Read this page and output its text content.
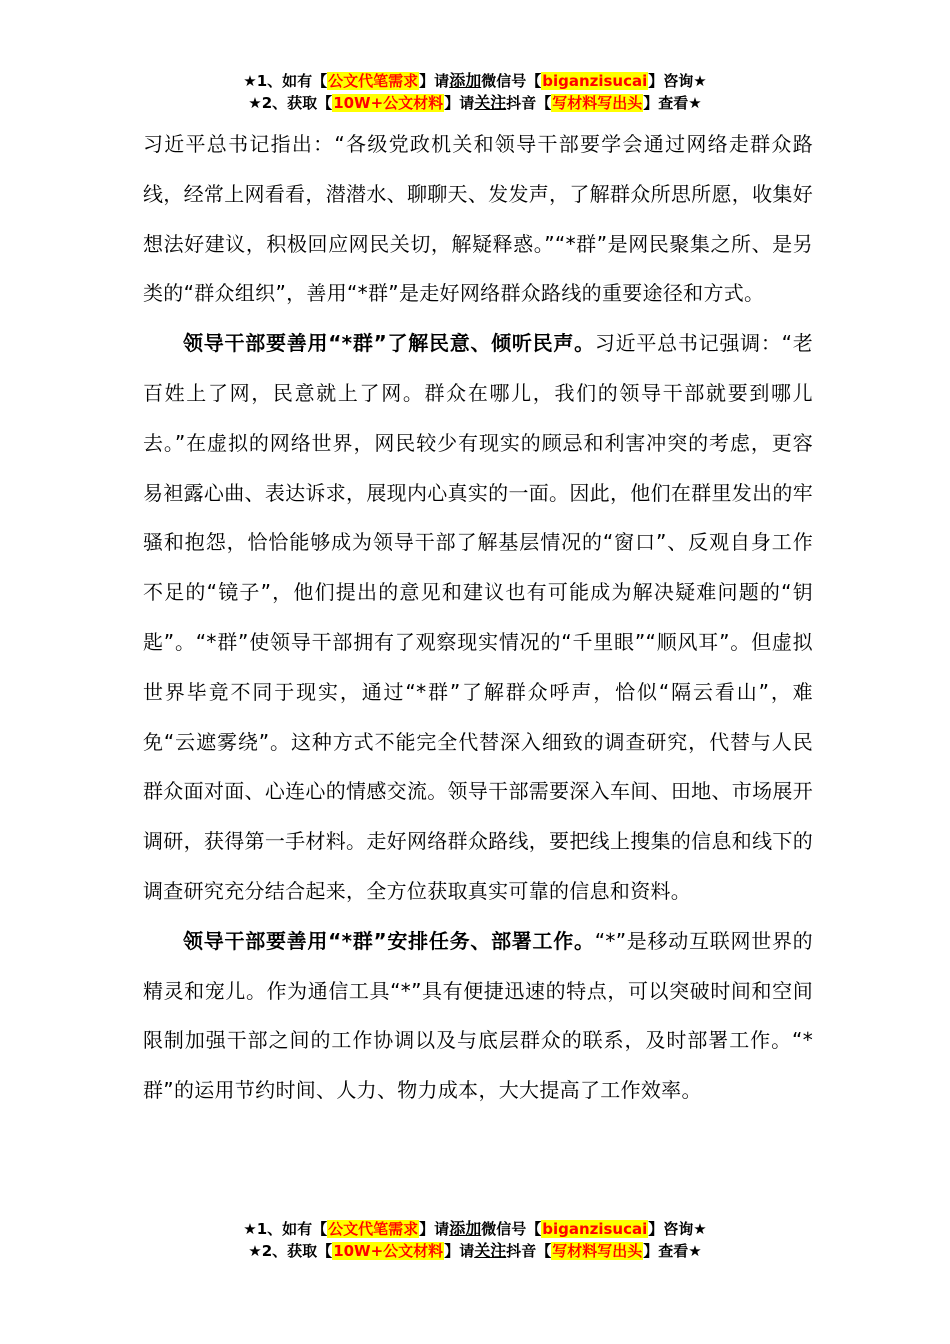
★1、如有【公文代笔需求】请添加微信号【biganzisucai】咨询★
★2、获取【10W+公文材料】请关注抖音【写材料写出头】查看★

习近平总书记指出：“各级党政机关和领导干部要学会通过网络走群众路线，经常上网看看，潜潜水、聊聊天、发发声，了解群众所思所愿，收集好想法好建议，积极回应网民关切，解疑释惑。”“*群”是网民聚集之所、是另类的“群众组织”，善用“*群”是走好网络群众路线的重要途径和方式。

领导干部要善用“*群”了解民意、倾听民声。习近平总书记强调：“老百姓上了网，民意就上了网。群众在哪儿，我们的领导干部就要到哪儿去。”在虚拟的网络世界，网民较少有现实的顾忌和利害冲突的考虑，更容易袒露心曲、表达诉求，展现内心真实的一面。因此，他们在群里发出的牢骚和抱怨，恰恰能够成为领导干部了解基层情况的“窗口”、反观自身工作不足的“镜子”，他们提出的意见和建议也有可能成为解决疑难问题的“钥匙”。“*群”使领导干部拥有了观察现实情况的“千里眼”“顺风耳”。但虚拟世界毕竟不同于现实，通过“*群”了解群众呼声，恰似“隔云看山”，难免“云遮雾绕”。这种方式不能完全代替深入细致的调查研究，代替与人民群众面对面、心连心的情感交流。领导干部需要深入车间、田地、市场展开调研，获得第一手材料。走好网络群众路线，要把线上搜集的信息和线下的调查研究充分结合起来，全方位获取真实可靠的信息和资料。

领导干部要善用“*群”安排任务、部署工作。“*”是移动互联网世界的精灵和宠儿。作为通信工具“*”具有便捷迅速的特点，可以突破时间和空间限制加强干部之间的工作协调以及与底层群众的联系，及时部署工作。“*群”的运用节约时间、人力、物力成本，大大提高了工作效率。

★1、如有【公文代笔需求】请添加微信号【biganzisucai】咨询★
★2、获取【10W+公文材料】请关注抖音【写材料写出头】查看★
